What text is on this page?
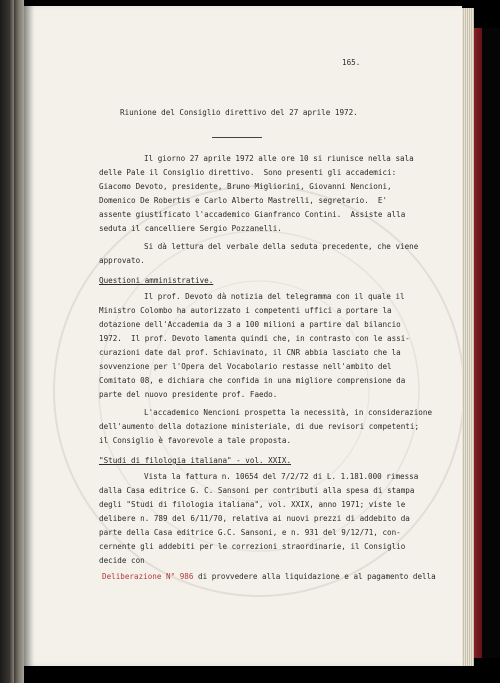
165.
Riunione del Consiglio direttivo del 27 aprile 1972.
Il giorno 27 aprile 1972 alle ore 10 si riunisce nella sala
delle Pale il Consiglio direttivo.  Sono presenti gli accademici:
Giacomo Devoto, presidente, Bruno Migliorini, Giovanni Nencioni,
Domenico De Robertis e Carlo Alberto Mastrelli, segretario.  E'
assente giustificato l'accademico Gianfranco Contini.  Assiste alla
seduta il cancelliere Sergio Pozzanelli.
Si dà lettura del verbale della seduta precedente, che viene
approvato.
Questioni amministrative.
Il prof. Devoto dà notizia del telegramma con il quale il
Ministro Colombo ha autorizzato i competenti uffici a portare la
dotazione dell'Accademia da 3 a 100 milioni a partire dal bilancio
1972.  Il prof. Devoto lamenta quindi che, in contrasto con le assi-
curazioni date dal prof. Schiavinato, il CNR abbia lasciato che la
sovvenzione per l'Opera del Vocabolario restasse nell'ambito del
Comitato 08, e dichiara che confida in una migliore comprensione da
parte del nuovo presidente prof. Faedo.
L'accademico Nencioni prospetta la necessità, in considerazione
dell'aumento della dotazione ministeriale, di due revisori competenti;
il Consiglio è favorevole a tale proposta.
"Studi di filologia italiana" - vol. XXIX.
Vista la fattura n. 10654 del 7/2/72 di L. 1.181.000 rimessa
dalla Casa editrice G. C. Sansoni per contributi alla spesa di stampa
degli "Studi di filologia italiana", vol. XXIX, anno 1971; viste le
delibere n. 789 del 6/11/70, relativa ai nuovi prezzi di addebito da
parte della Casa editrice G.C. Sansoni, e n. 931 del 9/12/71, con-
cernente gli addebiti per le correzioni straordinarie, il Consiglio
decide con
Deliberazione N° 986 di provvedere alla liquidazione e al pagamento della
